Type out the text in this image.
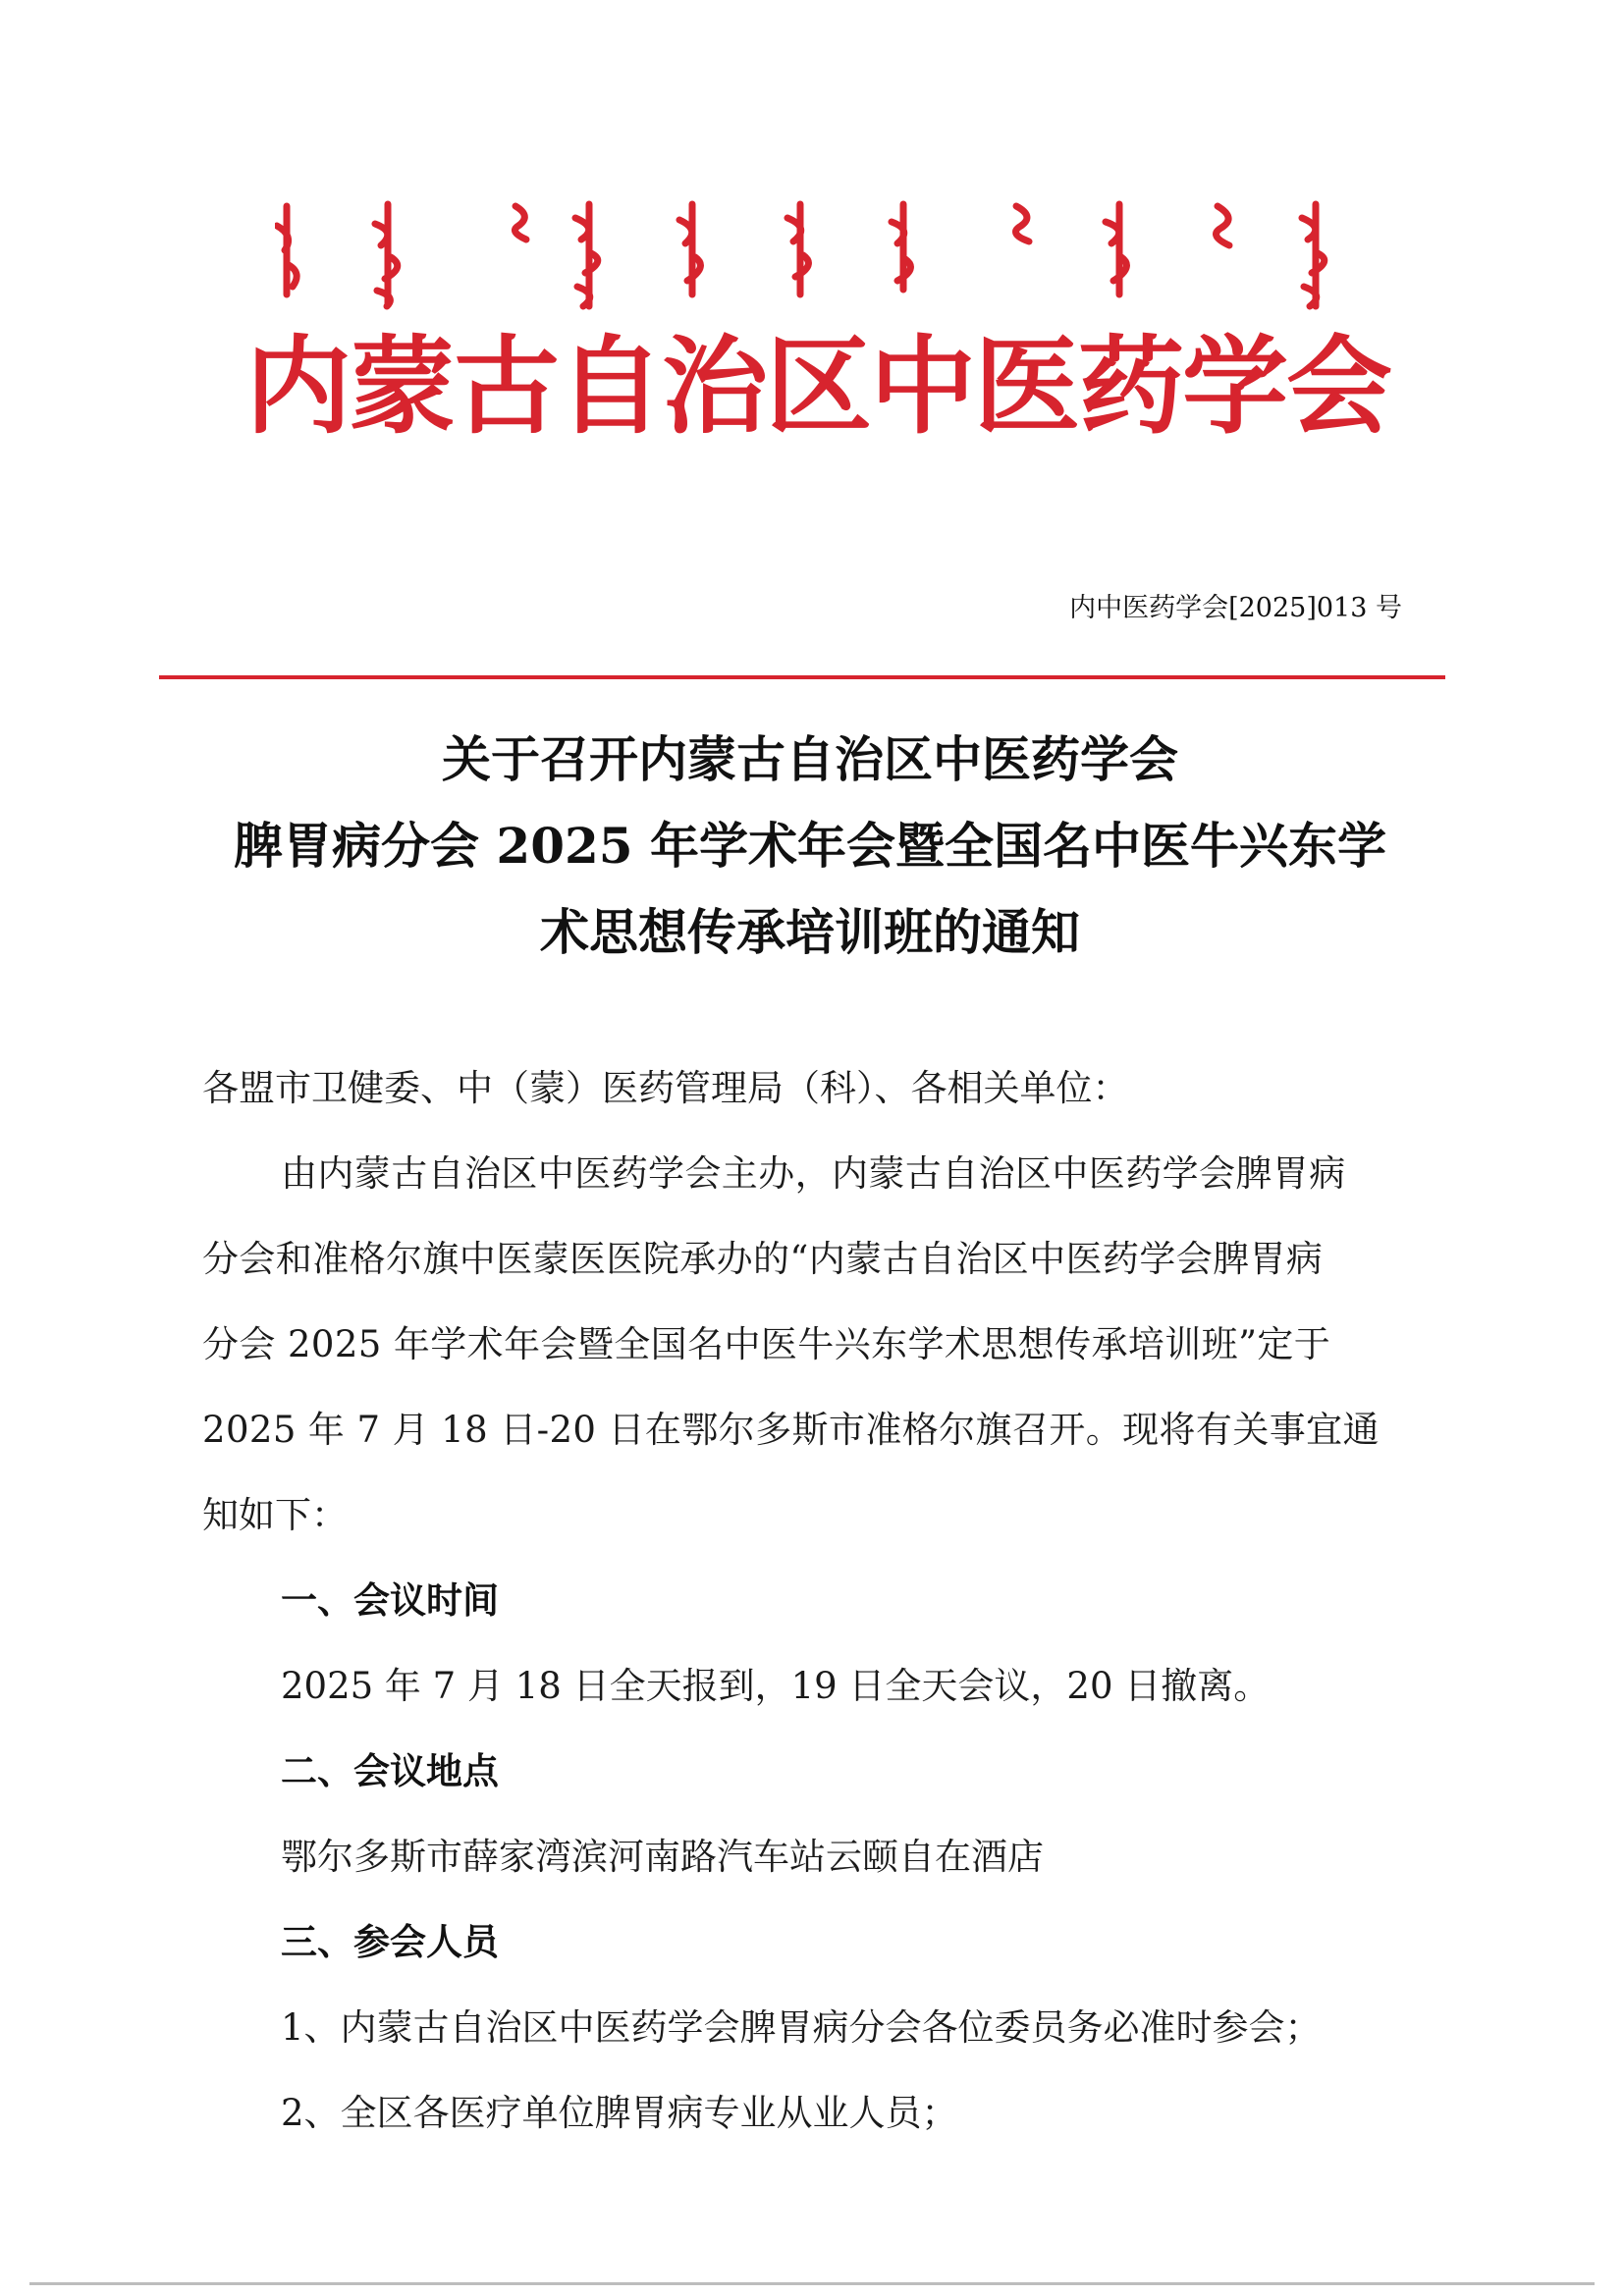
ᠦᠪᠦᠷ ᠮᠣᠩᠭᠣᠯ ᠤᠨ ᠥᠪᠡᠷᠲᠡᠭᠡᠨ ᠵᠠᠰᠠᠬᠤ ᠣᠷᠤᠨ ᠤ ᠳᠤᠮᠳᠠᠳᠤ ᠡᠮ ᠤᠨ ᠡᠮ ᠰᠢᠨᠵᠢᠯᠡᠬᠦ ᠬᠣᠷᠢᠶ᠎ᠠ
内蒙古自治区中医药学会
内中医药学会[2025]013 号
关于召开内蒙古自治区中医药学会
脾胃病分会 2025 年学术年会暨全国名中医牛兴东学
术思想传承培训班的通知
各盟市卫健委、中（蒙）医药管理局（科）、各相关单位：
由内蒙古自治区中医药学会主办，内蒙古自治区中医药学会脾胃病
分会和准格尔旗中医蒙医医院承办的“内蒙古自治区中医药学会脾胃病
分会 2025 年学术年会暨全国名中医牛兴东学术思想传承培训班”定于
2025 年 7 月 18 日-20 日在鄂尔多斯市准格尔旗召开。现将有关事宜通
知如下：
一、会议时间
2025 年 7 月 18 日全天报到，19 日全天会议，20 日撤离。
二、会议地点
鄂尔多斯市薛家湾滨河南路汽车站云颐自在酒店
三、参会人员
1、内蒙古自治区中医药学会脾胃病分会各位委员务必准时参会；
2、全区各医疗单位脾胃病专业从业人员；
